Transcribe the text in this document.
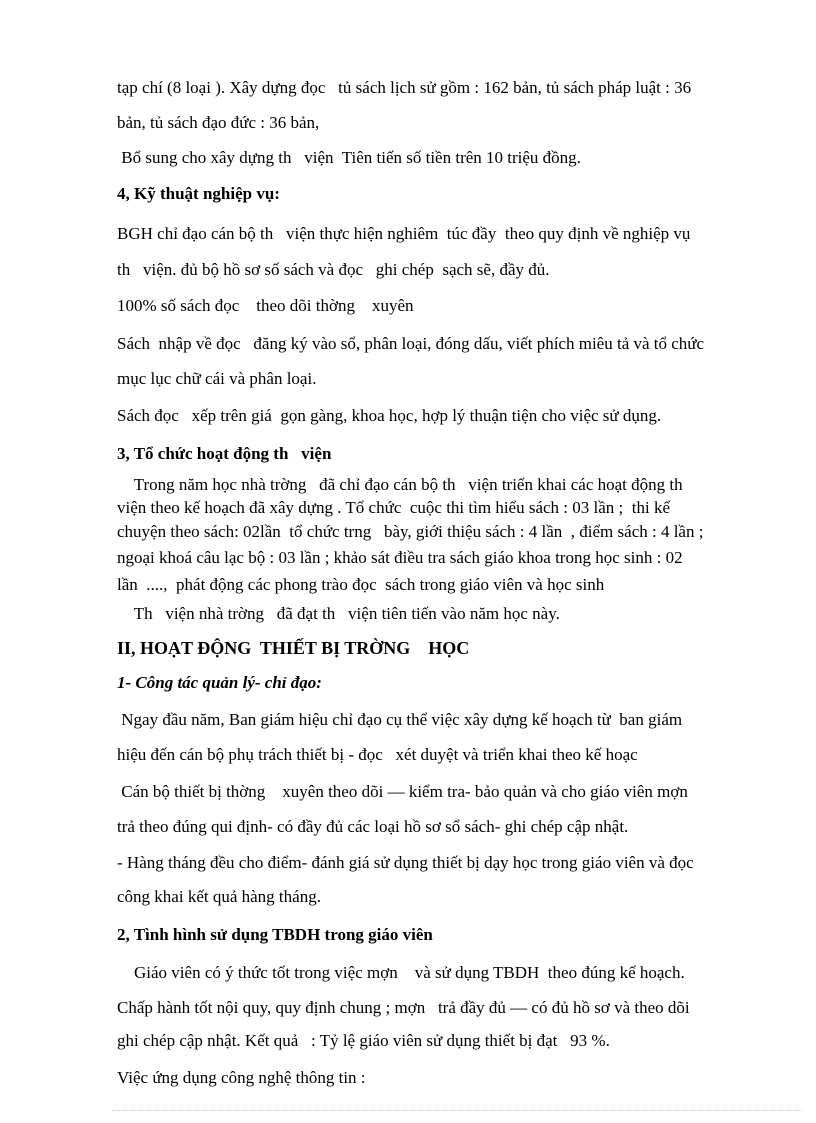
tạp chí (8 loại ). Xây dựng đọc   tủ sách lịch sử gồm : 162 bản, tủ sách pháp luật : 36

bản, tủ sách đạo đức : 36 bản,

Bổ sung cho xây dựng th   viện  Tiên tiến số tiền trên 10 triệu đồng.

4, Kỹ thuật nghiệp vụ:

BGH chỉ đạo cán bộ th   viện thực hiện nghiêm  túc đầy  theo quy định về nghiệp vụ

th   viện. đủ bộ hồ sơ số sách và đọc   ghi chép  sạch sẽ, đầy đủ.

100% số sách đọc    theo dõi thờng    xuyên

Sách  nhập về đọc   đăng ký vào sổ, phân loại, đóng dấu, viết phích miêu tả và tổ chức

mục lục chữ cái và phân loại.

Sách đọc   xếp trên giá  gọn gàng, khoa học, hợp lý thuận tiện cho việc sử dụng.

3, Tổ chức hoạt động th   viện

Trong năm học nhà trờng   đã chỉ đạo cán bộ th   viện triển khai các hoạt động th

viện theo kế hoạch đã xây dựng . Tổ chức  cuộc thi tìm hiểu sách : 03 lần ;  thi kể

chuyện theo sách: 02lần  tổ chức trng   bày, giới thiệu sách : 4 lần  , điểm sách : 4 lần ;

ngoại khoá câu lạc bộ : 03 lần ; khảo sát điều tra sách giáo khoa trong học sinh : 02

lần  ....,  phát động các phong trào đọc  sách trong giáo viên và học sinh

Th   viện nhà trờng   đã đạt th   viện tiên tiến vào năm học này.

II, HOẠT ĐỘNG  THIẾT BỊ TRỜNG    HỌC

1- Công tác quản lý- chỉ đạo:

Ngay đầu năm, Ban giám hiệu chỉ đạo cụ thể việc xây dựng kế hoạch từ  ban giám

hiệu đến cán bộ phụ trách thiết bị - đọc   xét duyệt và triển khai theo kế hoạc

Cán bộ thiết bị thờng    xuyên theo dõi — kiểm tra- bảo quản và cho giáo viên mợn

trả theo đúng qui định- có đầy đủ các loại hồ sơ sổ sách- ghi chép cập nhật.

- Hàng tháng đều cho điểm- đánh giá sử dụng thiết bị dạy học trong giáo viên và đọc

công khai kết quả hàng tháng.

2, Tình hình sử dụng TBDH trong giáo viên

Giáo viên có ý thức tốt trong việc mợn    và sử dụng TBDH  theo đúng kế hoạch.

Chấp hành tốt nội quy, quy định chung ; mợn   trả đầy đủ — có đủ hồ sơ và theo dõi

ghi chép cập nhật. Kết quả   : Tỷ lệ giáo viên sử dụng thiết bị đạt   93 %.

Việc ứng dụng công nghệ thông tin :
